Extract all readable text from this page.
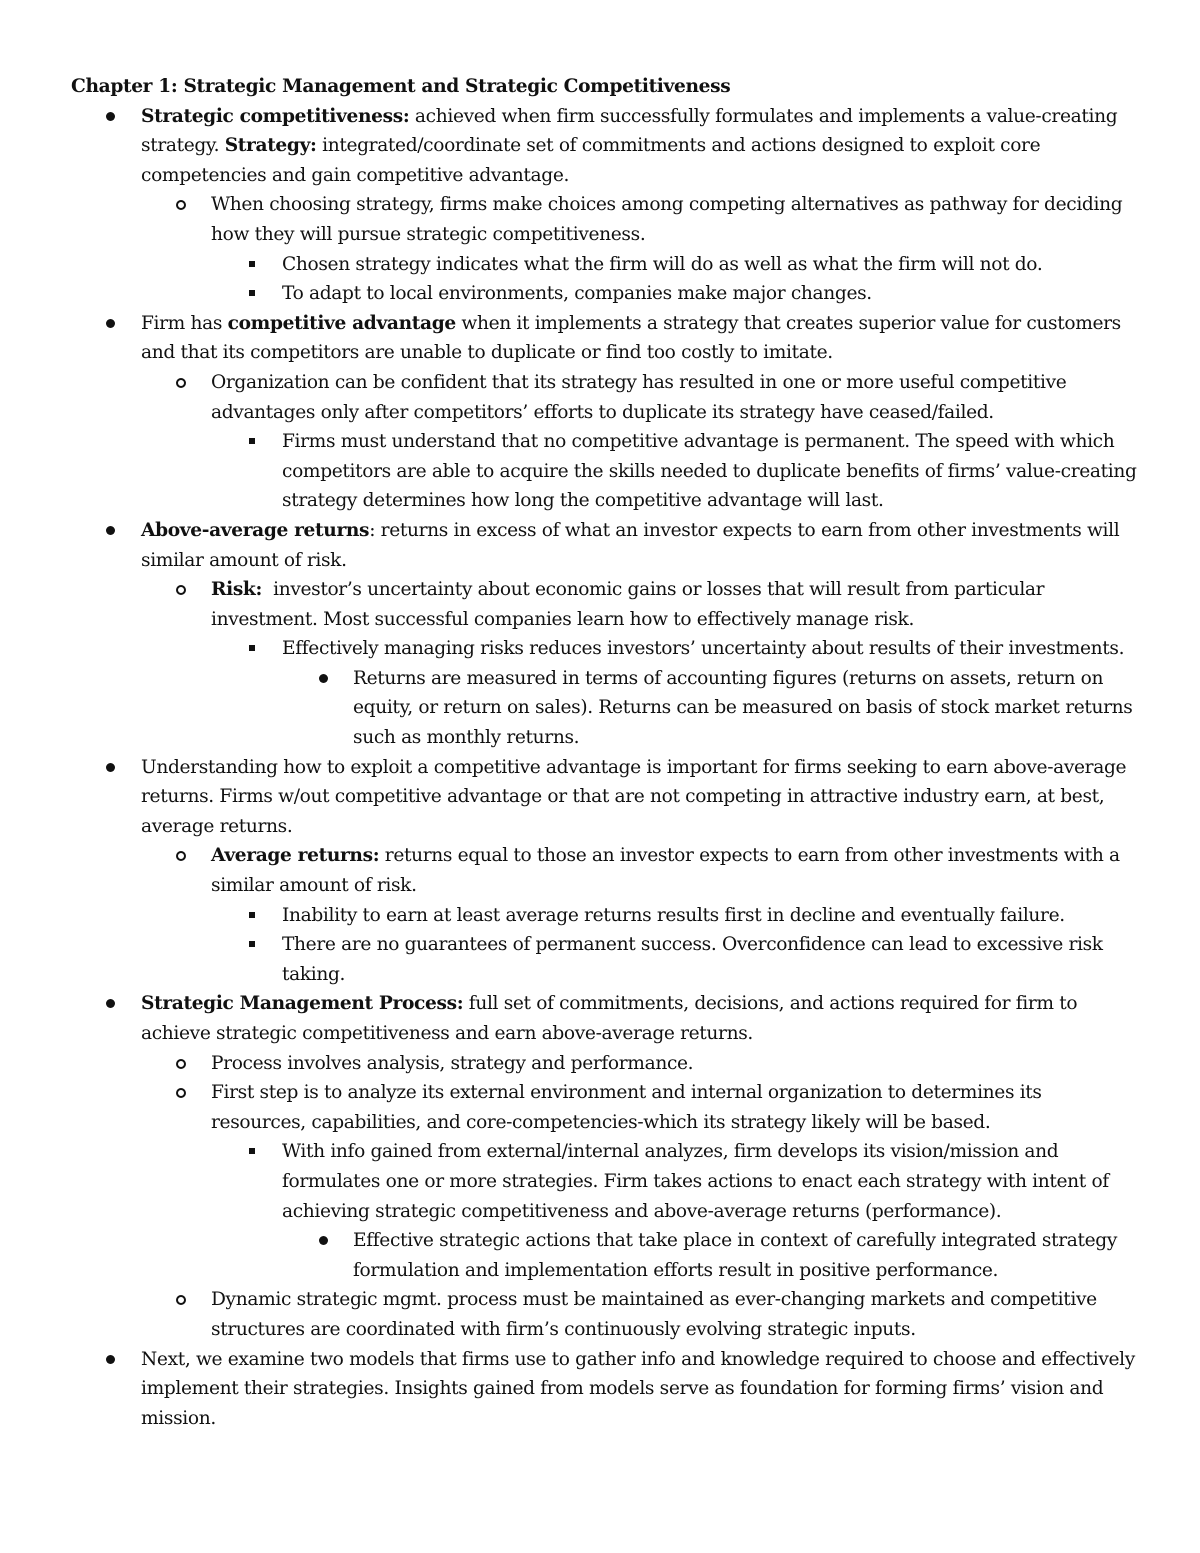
Chapter 1: Strategic Management and Strategic Competitiveness

Strategic competitiveness: achieved when firm successfully formulates and implements a value-creating strategy. Strategy: integrated/coordinate set of commitments and actions designed to exploit core competencies and gain competitive advantage.
When choosing strategy, firms make choices among competing alternatives as pathway for deciding how they will pursue strategic competitiveness.
Chosen strategy indicates what the firm will do as well as what the firm will not do.
To adapt to local environments, companies make major changes.
Firm has competitive advantage when it implements a strategy that creates superior value for customers and that its competitors are unable to duplicate or find too costly to imitate.
Organization can be confident that its strategy has resulted in one or more useful competitive advantages only after competitors’ efforts to duplicate its strategy have ceased/failed.
Firms must understand that no competitive advantage is permanent. The speed with which competitors are able to acquire the skills needed to duplicate benefits of firms’ value-creating strategy determines how long the competitive advantage will last.
Above-average returns: returns in excess of what an investor expects to earn from other investments will similar amount of risk.
Risk:  investor’s uncertainty about economic gains or losses that will result from particular investment. Most successful companies learn how to effectively manage risk.
Effectively managing risks reduces investors’ uncertainty about results of their investments.
Returns are measured in terms of accounting figures (returns on assets, return on equity, or return on sales). Returns can be measured on basis of stock market returns such as monthly returns.
Understanding how to exploit a competitive advantage is important for firms seeking to earn above-average returns. Firms w/out competitive advantage or that are not competing in attractive industry earn, at best, average returns.
Average returns: returns equal to those an investor expects to earn from other investments with a similar amount of risk.
Inability to earn at least average returns results first in decline and eventually failure.
There are no guarantees of permanent success. Overconfidence can lead to excessive risk taking.
Strategic Management Process: full set of commitments, decisions, and actions required for firm to achieve strategic competitiveness and earn above-average returns.
Process involves analysis, strategy and performance.
First step is to analyze its external environment and internal organization to determines its resources, capabilities, and core-competencies-which its strategy likely will be based.
With info gained from external/internal analyzes, firm develops its vision/mission and formulates one or more strategies. Firm takes actions to enact each strategy with intent of achieving strategic competitiveness and above-average returns (performance).
Effective strategic actions that take place in context of carefully integrated strategy formulation and implementation efforts result in positive performance.
Dynamic strategic mgmt. process must be maintained as ever-changing markets and competitive structures are coordinated with firm’s continuously evolving strategic inputs.
Next, we examine two models that firms use to gather info and knowledge required to choose and effectively implement their strategies. Insights gained from models serve as foundation for forming firms’ vision and mission.
